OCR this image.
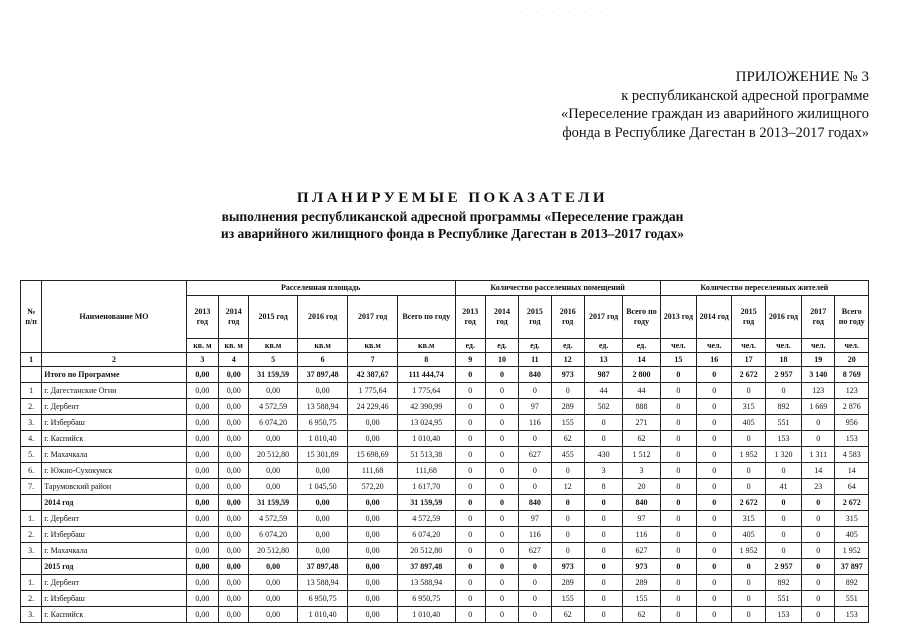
· · · · · ·
ПРИЛОЖЕНИЕ № 3
к республиканской адресной программе
«Переселение граждан из аварийного жилищного
фонда в Республике Дагестан в 2013–2017 годах»
ПЛАНИРУЕМЫЕ ПОКАЗАТЕЛИ
выполнения республиканской адресной программы «Переселение граждан
из аварийного жилищного фонда в Республике Дагестан в 2013–2017 годах»
№ п/п	Наименование МО	Расселенная площадь						Количество расселенных помещений						Количество переселенных жителей					
		2013 год	2014 год	2015 год	2016 год	2017 год	Всего по году	2013 год	2014 год	2015 год	2016 год	2017 год	Всего по году	2013 год	2014 год	2015 год	2016 год	2017 год	Всего по году
		кв. м	кв. м	кв.м	кв.м	кв.м	кв.м	ед.	ед.	ед.	ед.	ед.	ед.	чел.	чел.	чел.	чел.	чел.	чел.
1	2	3	4	5	6	7	8	9	10	11	12	13	14	15	16	17	18	19	20
	Итого по Программе	0,00	0,00	31 159,59	37 897,48	42 387,67	111 444,74	0	0	840	973	987	2 800	0	0	2 672	2 957	3 140	8 769
1	г. Дагестанские Огни	0,00	0,00	0,00	0,00	1 775,64	1 775,64	0	0	0	0	44	44	0	0	0	0	123	123
2.	г. Дербент	0,00	0,00	4 572,59	13 588,94	24 229,46	42 390,99	0	0	97	289	502	888	0	0	315	892	1 669	2 876
3.	г. Избербаш	0,00	0,00	6 074,20	6 950,75	0,00	13 024,95	0	0	116	155	0	271	0	0	405	551	0	956
4.	г. Каспийск	0,00	0,00	0,00	1 010,40	0,00	1 010,40	0	0	0	62	0	62	0	0	0	153	0	153
5.	г. Махачкала	0,00	0,00	20 512,80	15 301,89	15 698,69	51 513,38	0	0	627	455	430	1 512	0	0	1 952	1 320	1 311	4 583
6.	г. Южно-Сухокумск	0,00	0,00	0,00	0,00	111,68	111,68	0	0	0	0	3	3	0	0	0	0	14	14
7.	Тарумовский район	0,00	0,00	0,00	1 045,50	572,20	1 617,70	0	0	0	12	8	20	0	0	0	41	23	64
	2014 год	0,00	0,00	31 159,59	0,00	0,00	31 159,59	0	0	840	0	0	840	0	0	2 672	0	0	2 672
1.	г. Дербент	0,00	0,00	4 572,59	0,00	0,00	4 572,59	0	0	97	0	0	97	0	0	315	0	0	315
2.	г. Избербаш	0,00	0,00	6 074,20	0,00	0,00	6 074,20	0	0	116	0	0	116	0	0	405	0	0	405
3.	г. Махачкала	0,00	0,00	20 512,80	0,00	0,00	20 512,80	0	0	627	0	0	627	0	0	1 952	0	0	1 952
	2015 год	0,00	0,00	0,00	37 897,48	0,00	37 897,48	0	0	0	973	0	973	0	0	0	2 957	0	37 897
1.	г. Дербент	0,00	0,00	0,00	13 588,94	0,00	13 588,94	0	0	0	289	0	289	0	0	0	892	0	892
2.	г. Избербаш	0,00	0,00	0,00	6 950,75	0,00	6 950,75	0	0	0	155	0	155	0	0	0	551	0	551
3.	г. Каспийск	0,00	0,00	0,00	1 010,40	0,00	1 010,40	0	0	0	62	0	62	0	0	0	153	0	153
